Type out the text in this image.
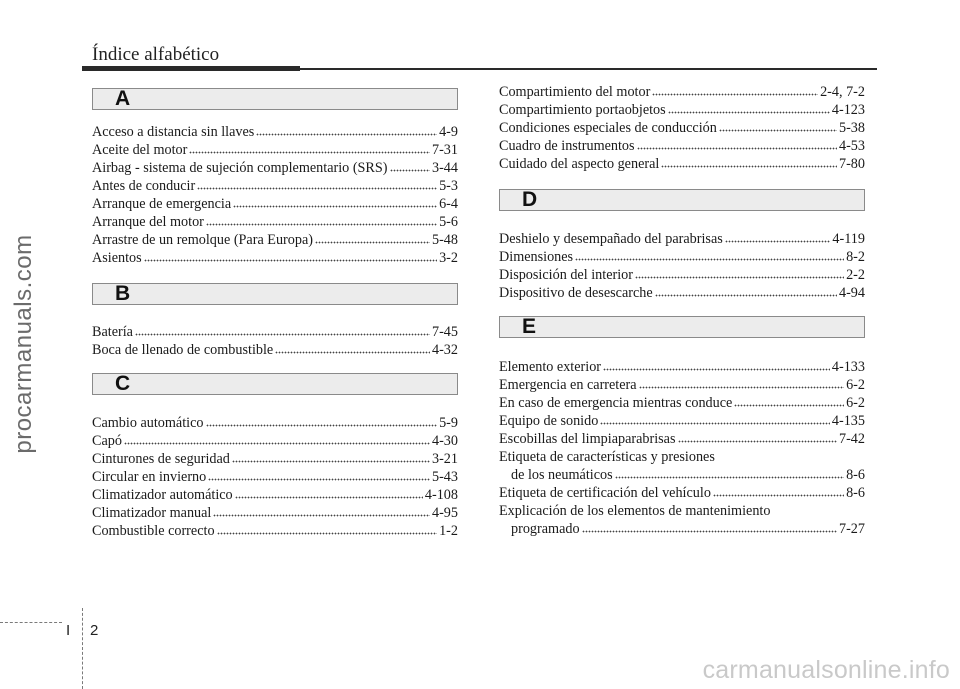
Índice alfabético
procarmanuals.com
A
Acceso a distancia sin llaves	4-9
Aceite del motor	7-31
Airbag - sistema de sujeción complementario (SRS)	3-44
Antes de conducir	5-3
Arranque de emergencia	6-4
Arranque del motor	5-6
Arrastre de un remolque (Para Europa)	5-48
Asientos	3-2
B
Batería	7-45
Boca de llenado de combustible	4-32
C
Cambio automático	5-9
Capó	4-30
Cinturones de seguridad	3-21
Circular en invierno	5-43
Climatizador automático	4-108
Climatizador manual	4-95
Combustible correcto	1-2
Compartimiento del motor	2-4, 7-2
Compartimiento portaobjetos	4-123
Condiciones especiales de conducción	5-38
Cuadro de instrumentos	4-53
Cuidado del aspecto general	7-80
D
Deshielo y desempañado del parabrisas	4-119
Dimensiones	8-2
Disposición del interior	2-2
Dispositivo de desescarche	4-94
E
Elemento exterior	4-133
Emergencia en carretera	6-2
En caso de emergencia mientras conduce	6-2
Equipo de sonido	4-135
Escobillas del limpiaparabrisas	7-42
Etiqueta de características y presiones
de los neumáticos	8-6
Etiqueta de certificación del vehículo	8-6
Explicación de los elementos de mantenimiento
programado	7-27
I 2
carmanualsonline.info
